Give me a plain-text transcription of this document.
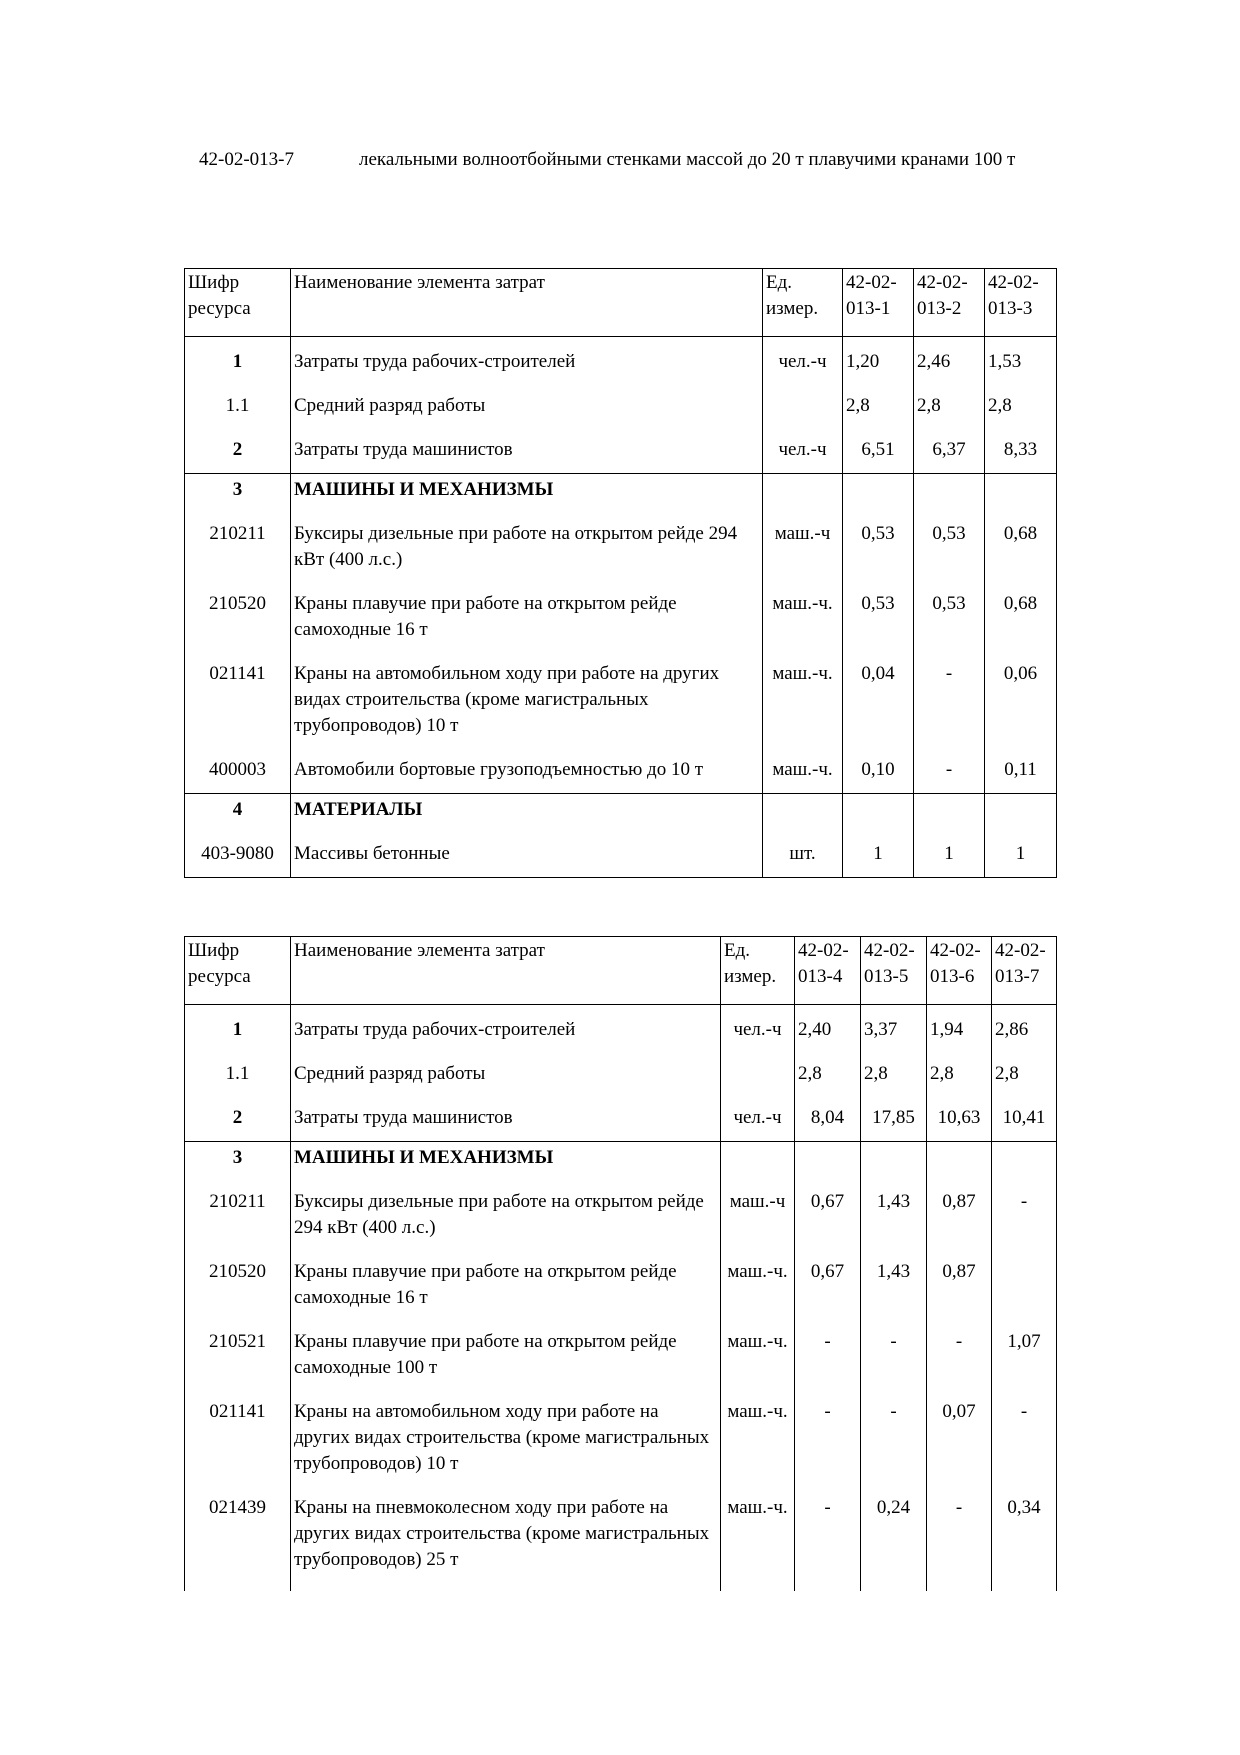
42-02-013-7	лекальными волноотбойными стенками массой до 20 т плавучими кранами 100 т
Шифр ресурса	Наименование элемента затрат	Ед. измер.	42-02-013-1	42-02-013-2	42-02-013-3

1	Затраты труда рабочих-строителей	чел.-ч	1,20	2,46	1,53
1.1	Средний разряд работы		2,8	2,8	2,8
2	Затраты труда машинистов	чел.-ч	6,51	6,37	8,33
3	МАШИНЫ И МЕХАНИЗМЫ				
210211	Буксиры дизельные при работе на открытом рейде 294 кВт (400 л.с.)	маш.-ч	0,53	0,53	0,68
210520	Краны плавучие при работе на открытом рейде самоходные 16 т	маш.-ч.	0,53	0,53	0,68
021141	Краны на автомобильном ходу при работе на других видах строительства (кроме магистральных трубопроводов) 10 т	маш.-ч.	0,04	-	0,06
400003	Автомобили бортовые грузоподъемностью до 10 т	маш.-ч.	0,10	-	0,11
4	МАТЕРИАЛЫ				
403-9080	Массивы бетонные	шт.	1	1	1
Шифр ресурса	Наименование элемента затрат	Ед. измер.	42-02-013-4	42-02-013-5	42-02-013-6	42-02-013-7

1	Затраты труда рабочих-строителей	чел.-ч	2,40	3,37	1,94	2,86
1.1	Средний разряд работы		2,8	2,8	2,8	2,8
2	Затраты труда машинистов	чел.-ч	8,04	17,85	10,63	10,41
3	МАШИНЫ И МЕХАНИЗМЫ					
210211	Буксиры дизельные при работе на открытом рейде 294 кВт (400 л.с.)	маш.-ч	0,67	1,43	0,87	-
210520	Краны плавучие при работе на открытом рейде самоходные 16 т	маш.-ч.	0,67	1,43	0,87	
210521	Краны плавучие при работе на открытом рейде самоходные 100 т	маш.-ч.	-	-	-	1,07
021141	Краны на автомобильном ходу при работе на других видах строительства (кроме магистральных трубопроводов) 10 т	маш.-ч.	-	-	0,07	-
021439	Краны на пневмоколесном ходу при работе на других видах строительства (кроме магистральных трубопроводов) 25 т	маш.-ч.	-	0,24	-	0,34
